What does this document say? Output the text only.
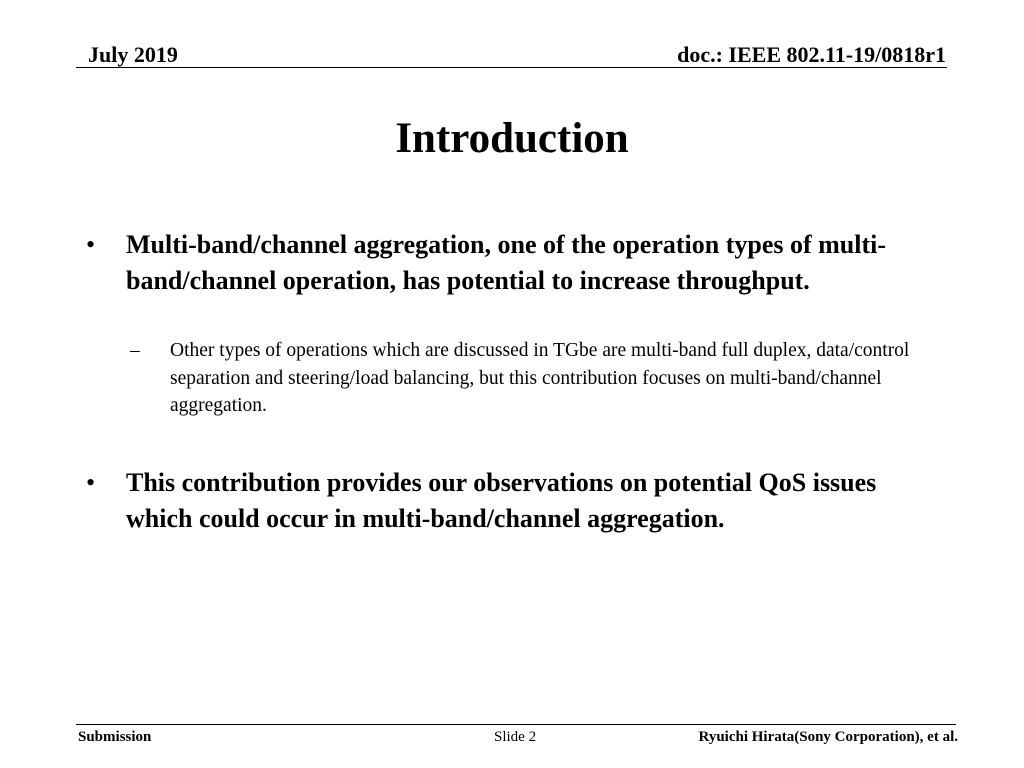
July 2019	doc.: IEEE 802.11-19/0818r1
Introduction
• Multi-band/channel aggregation, one of the operation types of multi-band/channel operation, has potential to increase throughput.
– Other types of operations which are discussed in TGbe are multi-band full duplex, data/control separation and steering/load balancing, but this contribution focuses on multi-band/channel aggregation.
• This contribution provides our observations on potential QoS issues which could occur in multi-band/channel aggregation.
Submission	Slide 2	Ryuichi Hirata(Sony Corporation), et al.
